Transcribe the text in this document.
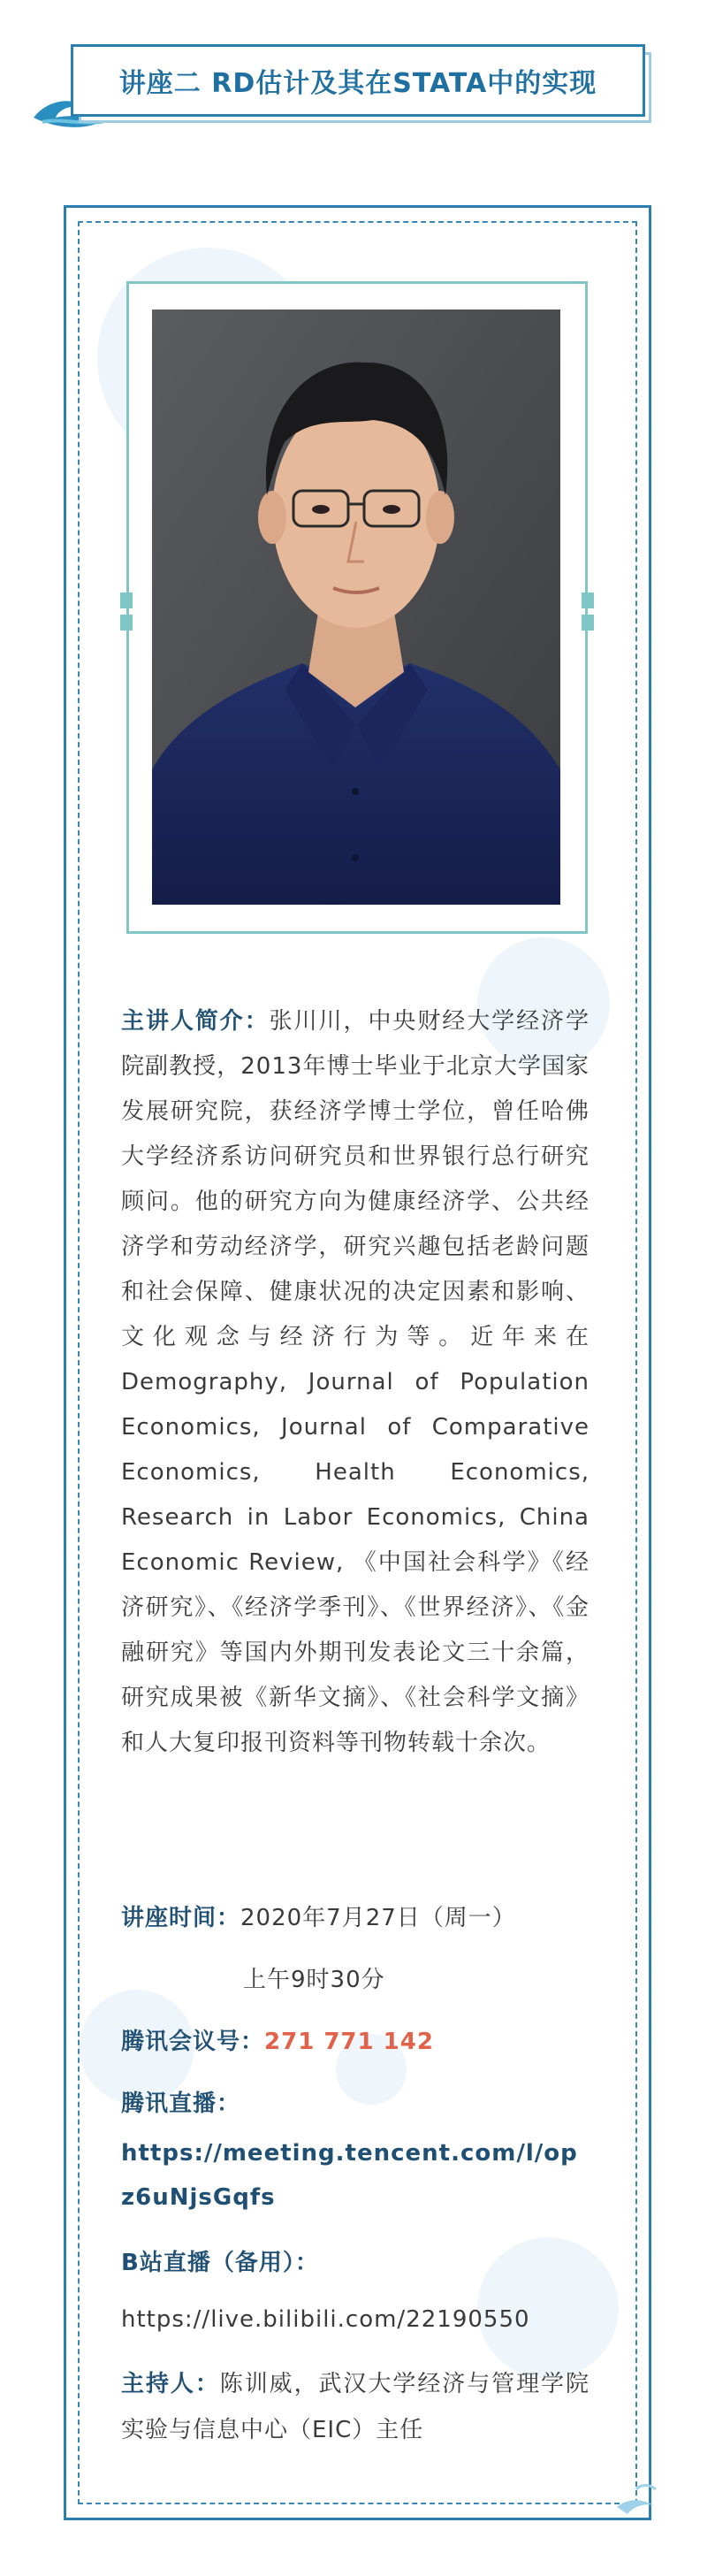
讲座二 RD估计及其在STATA中的实现
主讲人简介：张川川，中央财经大学经济学院副教授，2013年博士毕业于北京大学国家发展研究院，获经济学博士学位，曾任哈佛大学经济系访问研究员和世界银行总行研究顾问。他的研究方向为健康经济学、公共经济学和劳动经济学，研究兴趣包括老龄问题和社会保障、健康状况的决定因素和影响、文化观念与经济行为等。近年来在Demography, Journal of Population Economics, Journal of Comparative Economics, Health Economics, Research in Labor Economics, China Economic Review, 《中国社会科学》《经济研究》、《经济学季刊》、《世界经济》、《金融研究》等国内外期刊发表论文三十余篇，研究成果被《新华文摘》、《社会科学文摘》和人大复印报刊资料等刊物转载十余次。
讲座时间：2020年7月27日（周一）
上午9时30分
腾讯会议号：271 771 142
腾讯直播：
https://meeting.tencent.com/l/opz6uNjsGqfs
B站直播（备用）：
https://live.bilibili.com/22190550
主持人：陈训威，武汉大学经济与管理学院实验与信息中心（EIC）主任
